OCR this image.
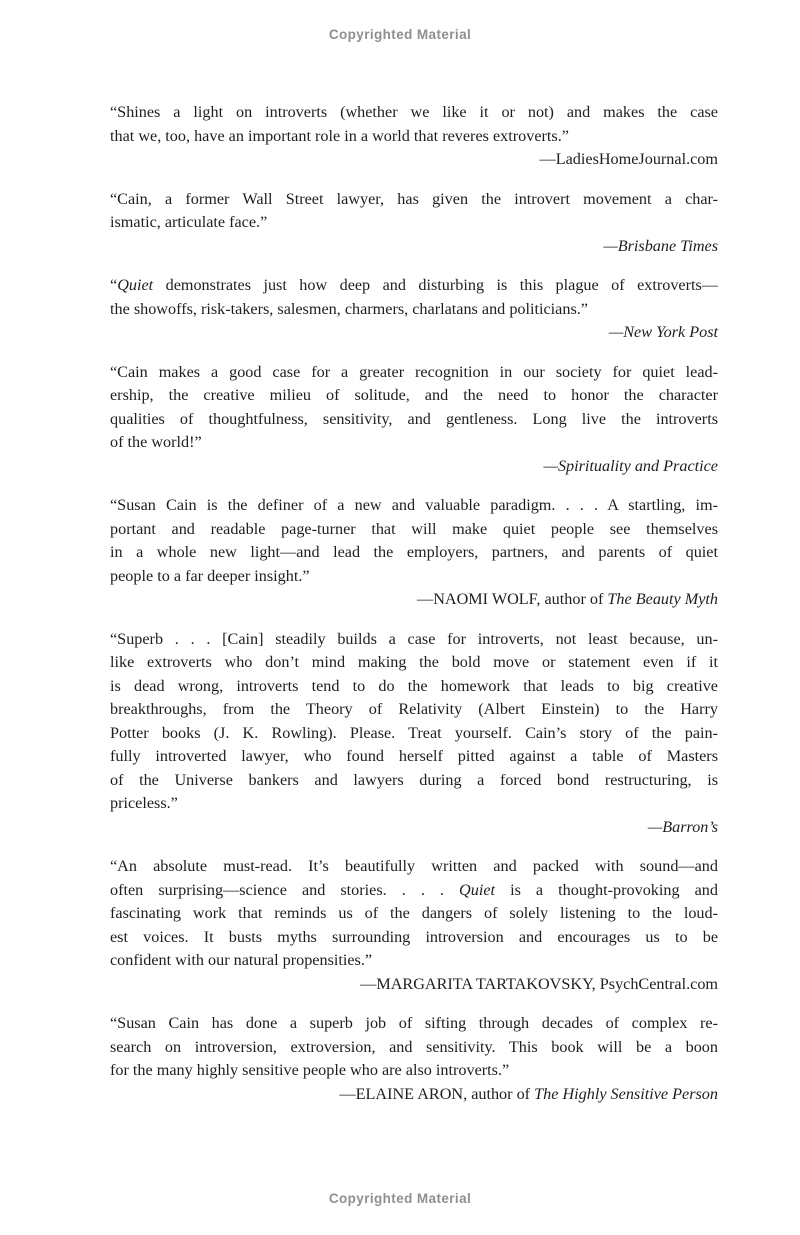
Copyrighted Material
“Shines a light on introverts (whether we like it or not) and makes the case
that we, too, have an important role in a world that reveres extroverts.”
—LadiesHomeJournal.com
“Cain, a former Wall Street lawyer, has given the introvert movement a char-
ismatic, articulate face.”
—Brisbane Times
“Quiet demonstrates just how deep and disturbing is this plague of extroverts—
the showoffs, risk-takers, salesmen, charmers, charlatans and politicians.”
—New York Post
“Cain makes a good case for a greater recognition in our society for quiet lead-
ership, the creative milieu of solitude, and the need to honor the character
qualities of thoughtfulness, sensitivity, and gentleness. Long live the introverts
of the world!”
—Spirituality and Practice
“Susan Cain is the definer of a new and valuable paradigm. . . . A startling, im-
portant and readable page-turner that will make quiet people see themselves
in a whole new light—and lead the employers, partners, and parents of quiet
people to a far deeper insight.”
—NAOMI WOLF, author of The Beauty Myth
“Superb . . . [Cain] steadily builds a case for introverts, not least because, un-
like extroverts who don’t mind making the bold move or statement even if it
is dead wrong, introverts tend to do the homework that leads to big creative
breakthroughs, from the Theory of Relativity (Albert Einstein) to the Harry
Potter books (J. K. Rowling). Please. Treat yourself. Cain’s story of the pain-
fully introverted lawyer, who found herself pitted against a table of Masters
of the Universe bankers and lawyers during a forced bond restructuring, is
priceless.”
—Barron’s
“An absolute must-read. It’s beautifully written and packed with sound—and
often surprising—science and stories. . . . Quiet is a thought-provoking and
fascinating work that reminds us of the dangers of solely listening to the loud-
est voices. It busts myths surrounding introversion and encourages us to be
confident with our natural propensities.”
—MARGARITA TARTAKOVSKY, PsychCentral.com
“Susan Cain has done a superb job of sifting through decades of complex re-
search on introversion, extroversion, and sensitivity. This book will be a boon
for the many highly sensitive people who are also introverts.”
—ELAINE ARON, author of The Highly Sensitive Person
Copyrighted Material
